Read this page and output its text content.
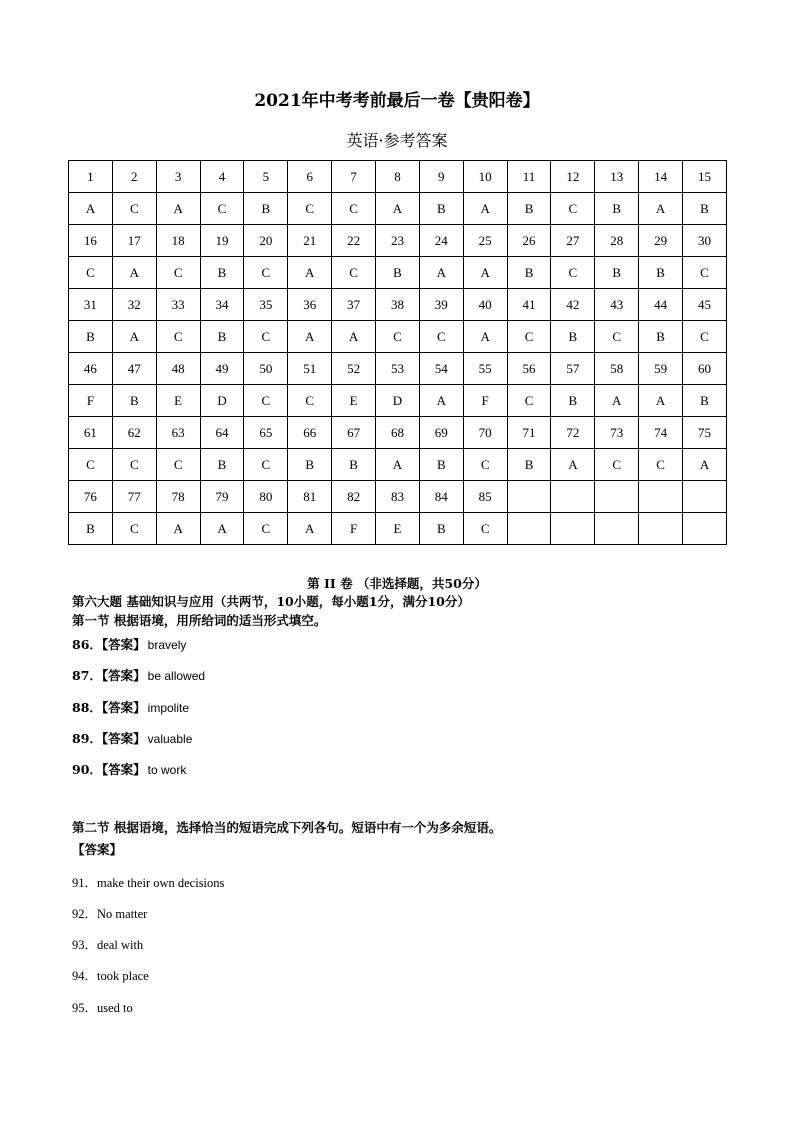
2021年中考考前最后一卷【贵阳卷】
英语·参考答案
1	2	3	4	5	6	7	8	9	10	11	12	13	14	15
A	C	A	C	B	C	C	A	B	A	B	C	B	A	B
16	17	18	19	20	21	22	23	24	25	26	27	28	29	30
C	A	C	B	C	A	C	B	A	A	B	C	B	B	C
31	32	33	34	35	36	37	38	39	40	41	42	43	44	45
B	A	C	B	C	A	A	C	C	A	C	B	C	B	C
46	47	48	49	50	51	52	53	54	55	56	57	58	59	60
F	B	E	D	C	C	E	D	A	F	C	B	A	A	B
61	62	63	64	65	66	67	68	69	70	71	72	73	74	75
C	C	C	B	C	B	B	A	B	C	B	A	C	C	A
76	77	78	79	80	81	82	83	84	85					
B	C	A	A	C	A	F	E	B	C					
第 II 卷 （非选择题，共50分）
第六大题 基础知识与应用（共两节，10小题，每小题1分，满分10分）
第一节 根据语境，用所给词的适当形式填空。
86．【答案】 bravely
87．【答案】 be allowed
88．【答案】 impolite
89．【答案】 valuable
90．【答案】 to work
第二节 根据语境，选择恰当的短语完成下列各句。短语中有一个为多余短语。
【答案】
91．make their own decisions
92．No matter
93．deal with
94．took place
95．used to
